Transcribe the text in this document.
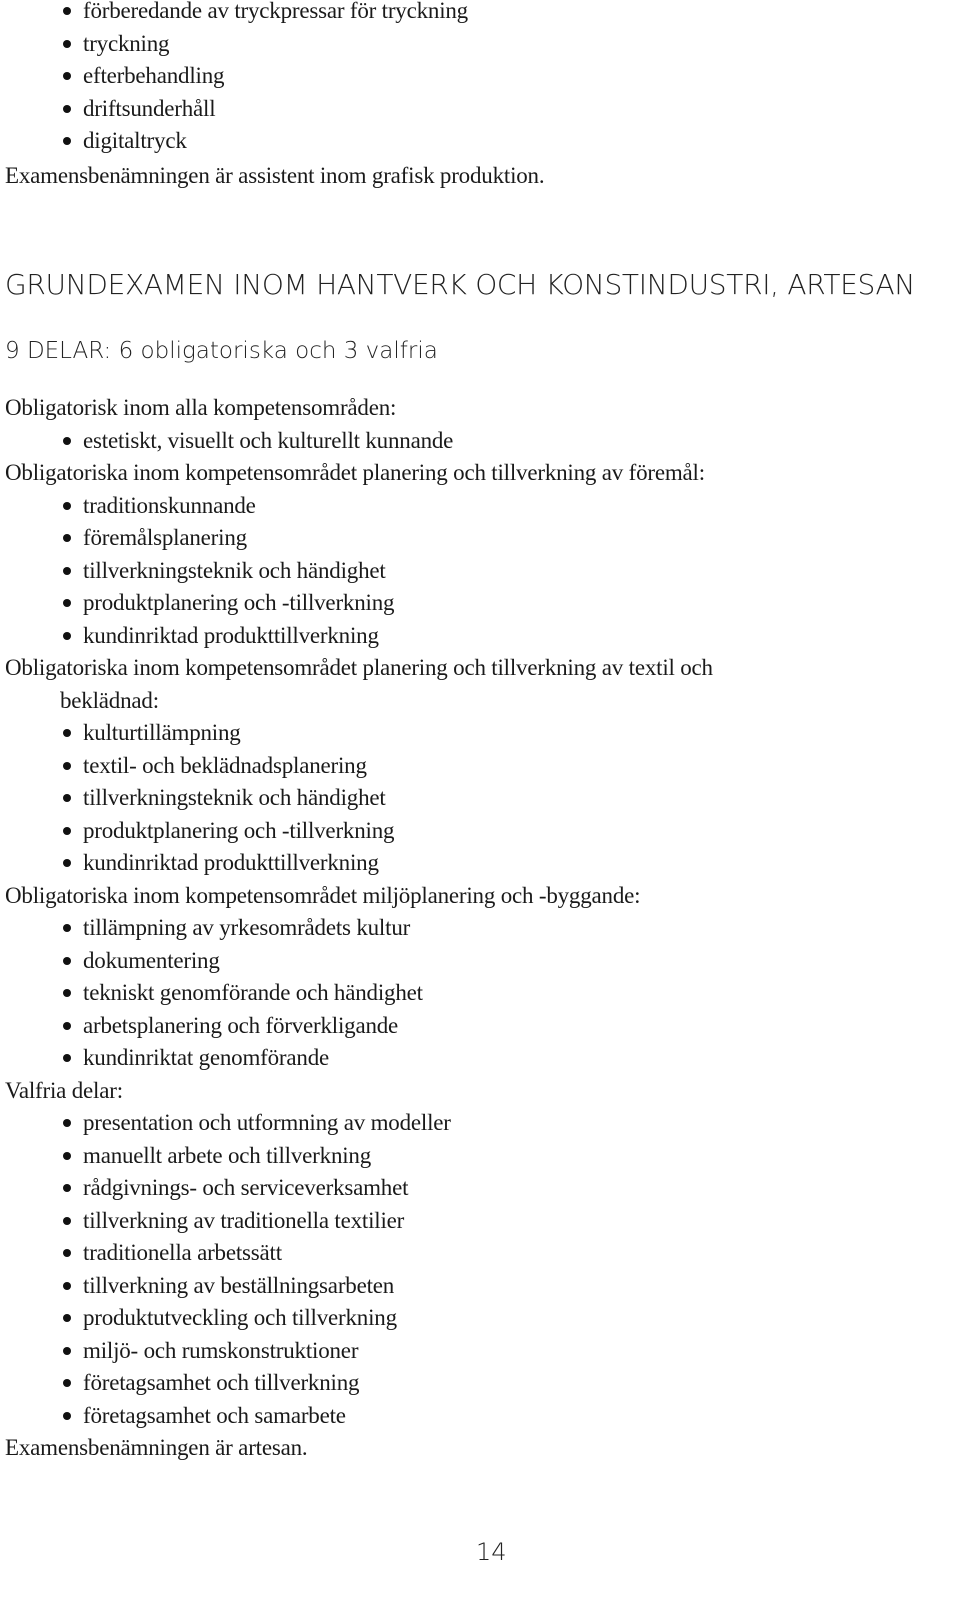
förberedande av tryckpressar för tryckning
tryckning
efterbehandling
driftsunderhåll
digitaltryck
Examensbenämningen är assistent inom grafisk produktion.
GRUNDEXAMEN INOM HANTVERK OCH KONSTINDUSTRI, ARTESAN
9 DELAR: 6 obligatoriska och 3 valfria
Obligatorisk inom alla kompetensområden:
estetiskt, visuellt och kulturellt kunnande
Obligatoriska inom kompetensområdet planering och tillverkning av föremål:
traditionskunnande
föremålsplanering
tillverkningsteknik och händighet
produktplanering och -tillverkning
kundinriktad produkttillverkning
Obligatoriska inom kompetensområdet planering och tillverkning av textil och
beklädnad:
kulturtillämpning
textil- och beklädnadsplanering
tillverkningsteknik och händighet
produktplanering och -tillverkning
kundinriktad produkttillverkning
Obligatoriska inom kompetensområdet miljöplanering och -byggande:
tillämpning av yrkesområdets kultur
dokumentering
tekniskt genomförande och händighet
arbetsplanering och förverkligande
kundinriktat genomförande
Valfria delar:
presentation och utformning av modeller
manuellt arbete och tillverkning
rådgivnings- och serviceverksamhet
tillverkning av traditionella textilier
traditionella arbetssätt
tillverkning av beställningsarbeten
produktutveckling och tillverkning
miljö- och rumskonstruktioner
företagsamhet och tillverkning
företagsamhet och samarbete
Examensbenämningen är artesan.
14
